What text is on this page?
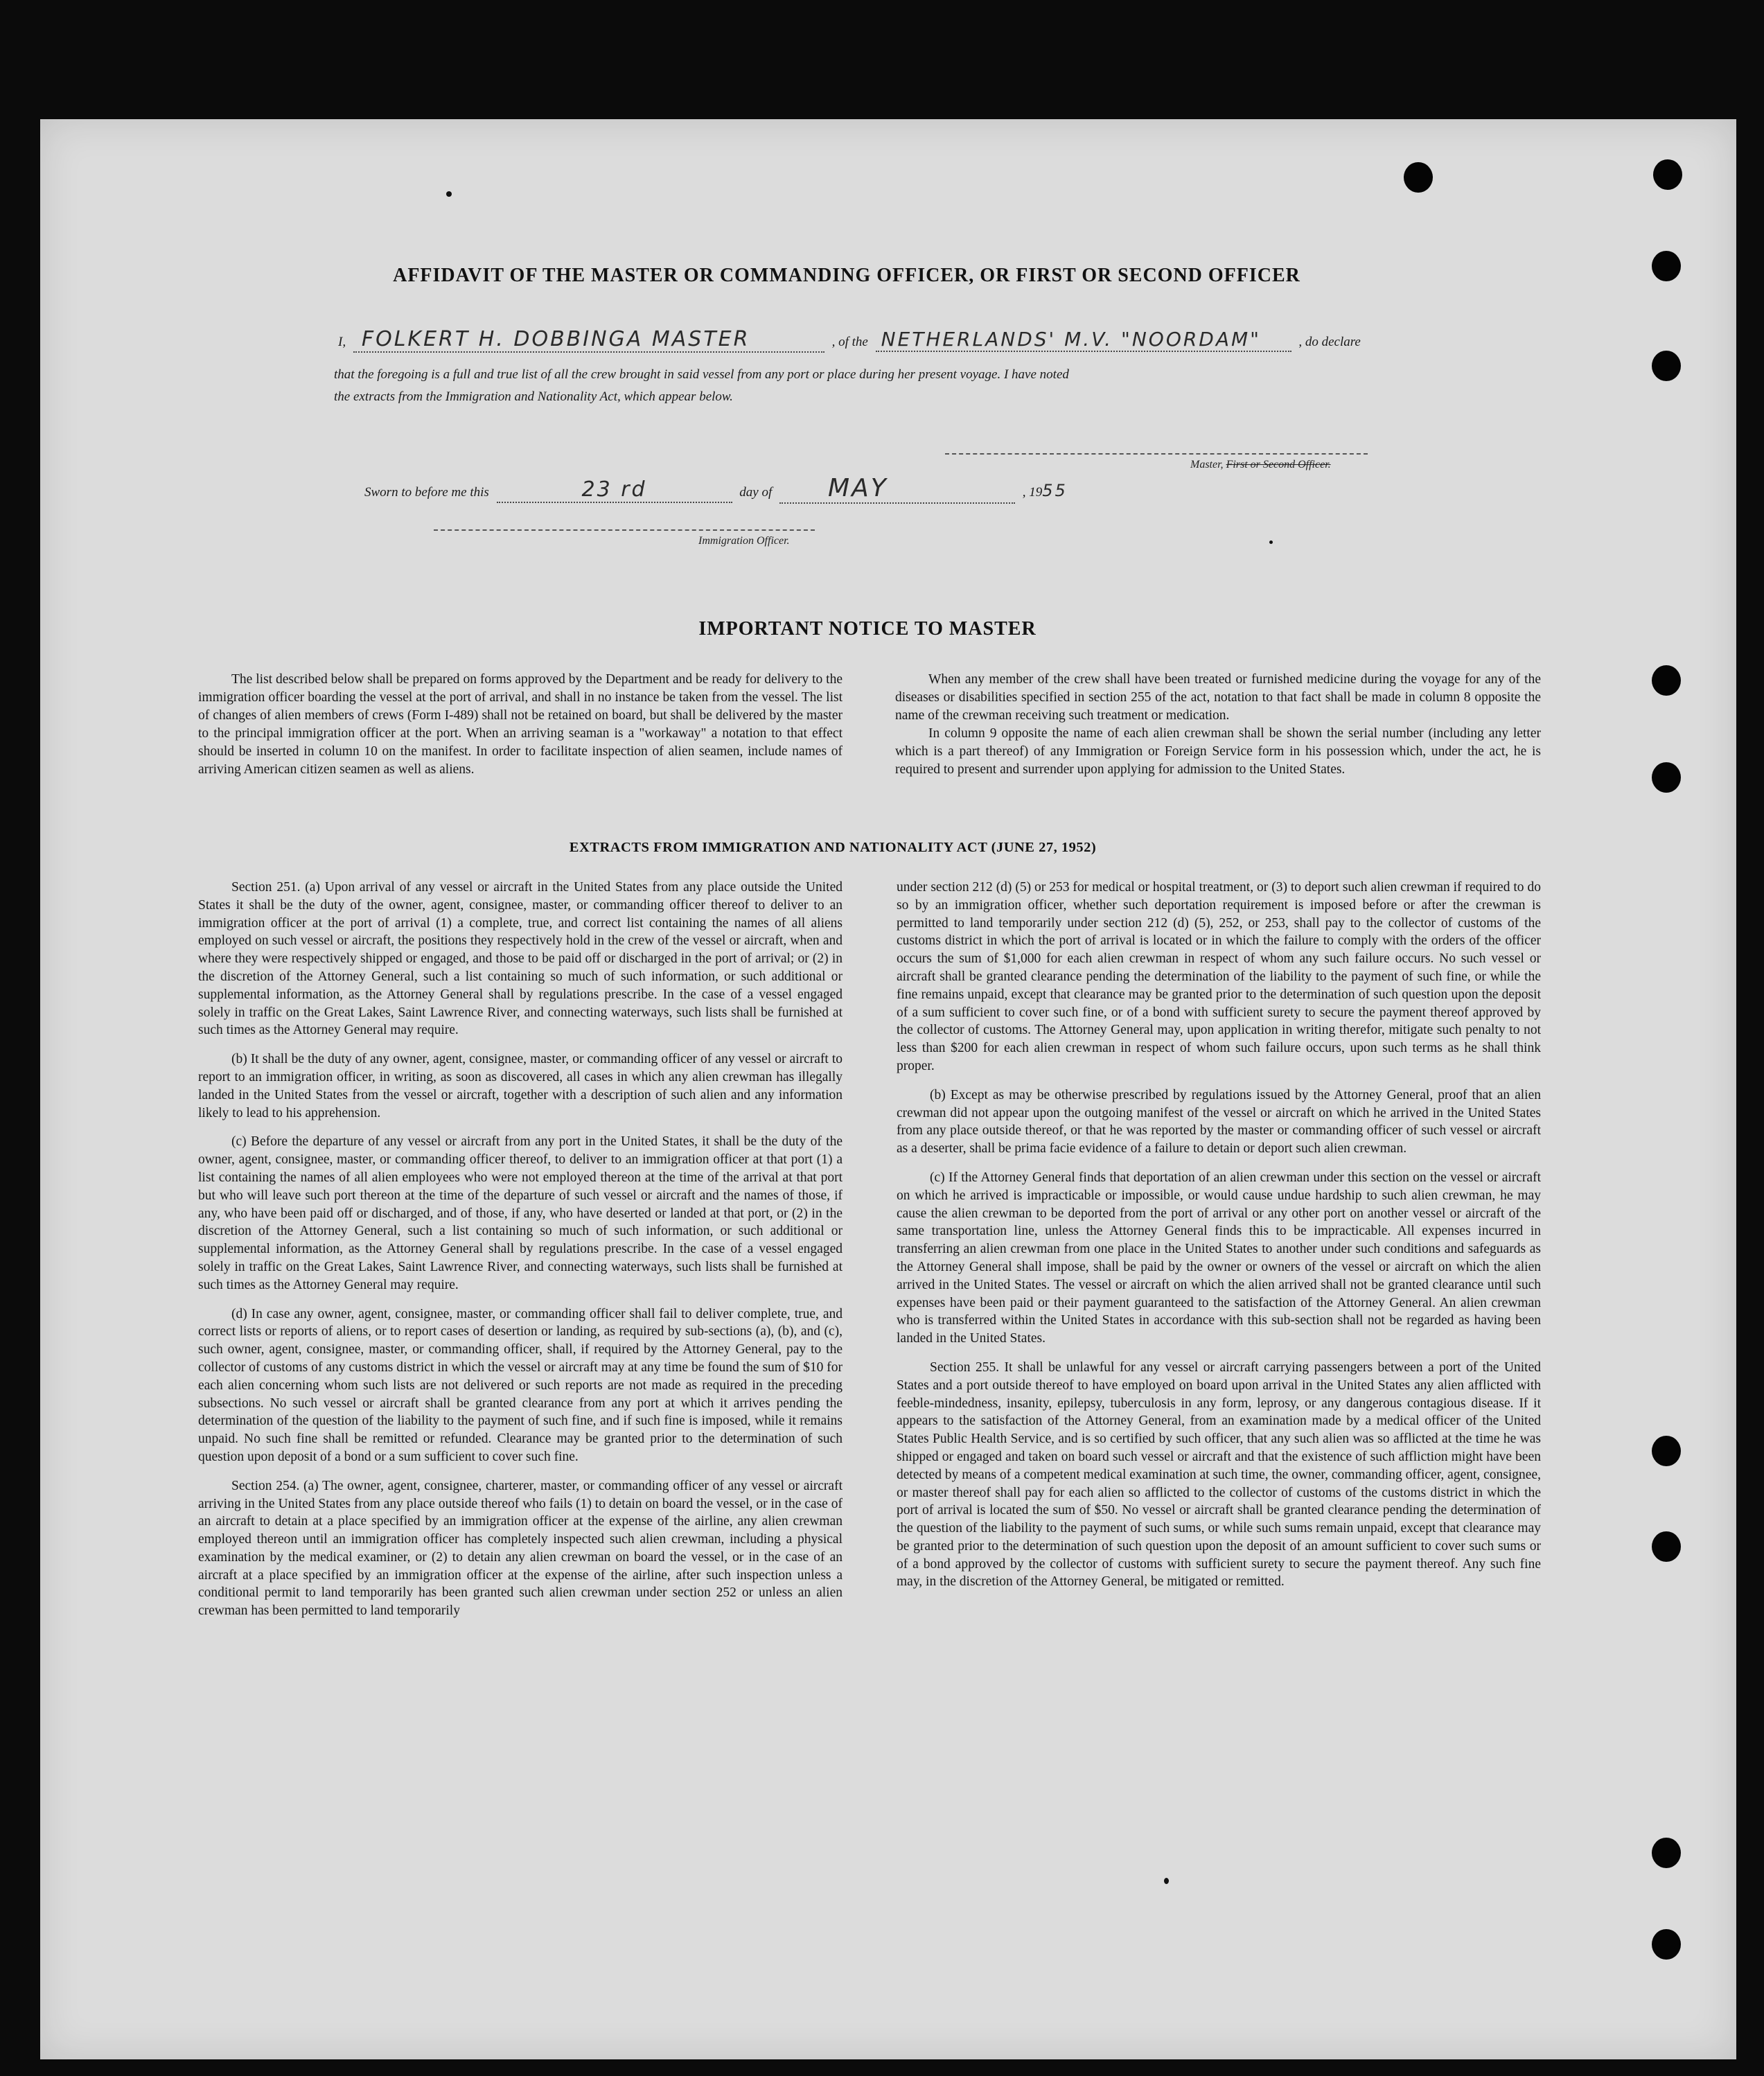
AFFIDAVIT OF THE MASTER OR COMMANDING OFFICER, OR FIRST OR SECOND OFFICER
I, FOLKERT H. DOBBINGA MASTER	, of the NETHERLANDS' M.V. "NOORDAM"	, do declare
that the foregoing is a full and true list of all the crew brought in said vessel from any port or place during her present voyage. I have noted
the extracts from the Immigration and Nationality Act, which appear below.
Master, First or Second Officer.
Sworn to before me this	23 rd	day of MAY	, 1955
Immigration Officer.
IMPORTANT NOTICE TO MASTER

The list described below shall be prepared on forms approved by the Department and be ready for delivery to the immigration officer boarding the vessel at the port of arrival, and shall in no instance be taken from the vessel. The list of changes of alien members of crews (Form I-489) shall not be retained on board, but shall be delivered by the master to the principal immigration officer at the port. When an arriving seaman is a "workaway" a notation to that effect should be inserted in column 10 on the manifest. In order to facilitate inspection of alien seamen, include names of arriving American citizen seamen as well as aliens.

When any member of the crew shall have been treated or furnished medicine during the voyage for any of the diseases or disabilities specified in section 255 of the act, notation to that fact shall be made in column 8 opposite the name of the crewman receiving such treatment or medication.

In column 9 opposite the name of each alien crewman shall be shown the serial number (including any letter which is a part thereof) of any Immigration or Foreign Service form in his possession which, under the act, he is required to present and surrender upon applying for admission to the United States.

EXTRACTS FROM IMMIGRATION AND NATIONALITY ACT (JUNE 27, 1952)

Section 251. (a) Upon arrival of any vessel or aircraft in the United States from any place outside the United States it shall be the duty of the owner, agent, consignee, master, or commanding officer thereof to deliver to an immigration officer at the port of arrival (1) a complete, true, and correct list containing the names of all aliens employed on such vessel or aircraft, the positions they respectively hold in the crew of the vessel or aircraft, when and where they were respectively shipped or engaged, and those to be paid off or discharged in the port of arrival; or (2) in the discretion of the Attorney General, such a list containing so much of such information, or such additional or supplemental information, as the Attorney General shall by regulations prescribe. In the case of a vessel engaged solely in traffic on the Great Lakes, Saint Lawrence River, and connecting waterways, such lists shall be furnished at such times as the Attorney General may require.

(b) It shall be the duty of any owner, agent, consignee, master, or commanding officer of any vessel or aircraft to report to an immigration officer, in writing, as soon as discovered, all cases in which any alien crewman has illegally landed in the United States from the vessel or aircraft, together with a description of such alien and any information likely to lead to his apprehension.

(c) Before the departure of any vessel or aircraft from any port in the United States, it shall be the duty of the owner, agent, consignee, master, or commanding officer thereof, to deliver to an immigration officer at that port (1) a list containing the names of all alien employees who were not employed thereon at the time of the arrival at that port but who will leave such port thereon at the time of the departure of such vessel or aircraft and the names of those, if any, who have been paid off or discharged, and of those, if any, who have deserted or landed at that port, or (2) in the discretion of the Attorney General, such a list containing so much of such information, or such additional or supplemental information, as the Attorney General shall by regulations prescribe. In the case of a vessel engaged solely in traffic on the Great Lakes, Saint Lawrence River, and connecting waterways, such lists shall be furnished at such times as the Attorney General may require.

(d) In case any owner, agent, consignee, master, or commanding officer shall fail to deliver complete, true, and correct lists or reports of aliens, or to report cases of desertion or landing, as required by sub-sections (a), (b), and (c), such owner, agent, consignee, master, or commanding officer, shall, if required by the Attorney General, pay to the collector of customs of any customs district in which the vessel or aircraft may at any time be found the sum of $10 for each alien concerning whom such lists are not delivered or such reports are not made as required in the preceding subsections. No such vessel or aircraft shall be granted clearance from any port at which it arrives pending the determination of the question of the liability to the payment of such fine, and if such fine is imposed, while it remains unpaid. No such fine shall be remitted or refunded. Clearance may be granted prior to the determination of such question upon deposit of a bond or a sum sufficient to cover such fine.

Section 254. (a) The owner, agent, consignee, charterer, master, or commanding officer of any vessel or aircraft arriving in the United States from any place outside thereof who fails (1) to detain on board the vessel, or in the case of an aircraft to detain at a place specified by an immigration officer at the expense of the airline, any alien crewman employed thereon until an immigration officer has completely inspected such alien crewman, including a physical examination by the medical examiner, or (2) to detain any alien crewman on board the vessel, or in the case of an aircraft at a place specified by an immigration officer at the expense of the airline, after such inspection unless a conditional permit to land temporarily has been granted such alien crewman under section 252 or unless an alien crewman has been permitted to land temporarily

under section 212 (d) (5) or 253 for medical or hospital treatment, or (3) to deport such alien crewman if required to do so by an immigration officer, whether such deportation requirement is imposed before or after the crewman is permitted to land temporarily under section 212 (d) (5), 252, or 253, shall pay to the collector of customs of the customs district in which the port of arrival is located or in which the failure to comply with the orders of the officer occurs the sum of $1,000 for each alien crewman in respect of whom any such failure occurs. No such vessel or aircraft shall be granted clearance pending the determination of the liability to the payment of such fine, or while the fine remains unpaid, except that clearance may be granted prior to the determination of such question upon the deposit of a sum sufficient to cover such fine, or of a bond with sufficient surety to secure the payment thereof approved by the collector of customs. The Attorney General may, upon application in writing therefor, mitigate such penalty to not less than $200 for each alien crewman in respect of whom such failure occurs, upon such terms as he shall think proper.

(b) Except as may be otherwise prescribed by regulations issued by the Attorney General, proof that an alien crewman did not appear upon the outgoing manifest of the vessel or aircraft on which he arrived in the United States from any place outside thereof, or that he was reported by the master or commanding officer of such vessel or aircraft as a deserter, shall be prima facie evidence of a failure to detain or deport such alien crewman.

(c) If the Attorney General finds that deportation of an alien crewman under this section on the vessel or aircraft on which he arrived is impracticable or impossible, or would cause undue hardship to such alien crewman, he may cause the alien crewman to be deported from the port of arrival or any other port on another vessel or aircraft of the same transportation line, unless the Attorney General finds this to be impracticable. All expenses incurred in transferring an alien crewman from one place in the United States to another under such conditions and safeguards as the Attorney General shall impose, shall be paid by the owner or owners of the vessel or aircraft on which the alien arrived in the United States. The vessel or aircraft on which the alien arrived shall not be granted clearance until such expenses have been paid or their payment guaranteed to the satisfaction of the Attorney General. An alien crewman who is transferred within the United States in accordance with this sub-section shall not be regarded as having been landed in the United States.

Section 255. It shall be unlawful for any vessel or aircraft carrying passengers between a port of the United States and a port outside thereof to have employed on board upon arrival in the United States any alien afflicted with feeble-mindedness, insanity, epilepsy, tuberculosis in any form, leprosy, or any dangerous contagious disease. If it appears to the satisfaction of the Attorney General, from an examination made by a medical officer of the United States Public Health Service, and is so certified by such officer, that any such alien was so afflicted at the time he was shipped or engaged and taken on board such vessel or aircraft and that the existence of such affliction might have been detected by means of a competent medical examination at such time, the owner, commanding officer, agent, consignee, or master thereof shall pay for each alien so afflicted to the collector of customs of the customs district in which the port of arrival is located the sum of $50. No vessel or aircraft shall be granted clearance pending the determination of the question of the liability to the payment of such sums, or while such sums remain unpaid, except that clearance may be granted prior to the determination of such question upon the deposit of an amount sufficient to cover such sums or of a bond approved by the collector of customs with sufficient surety to secure the payment thereof. Any such fine may, in the discretion of the Attorney General, be mitigated or remitted.
